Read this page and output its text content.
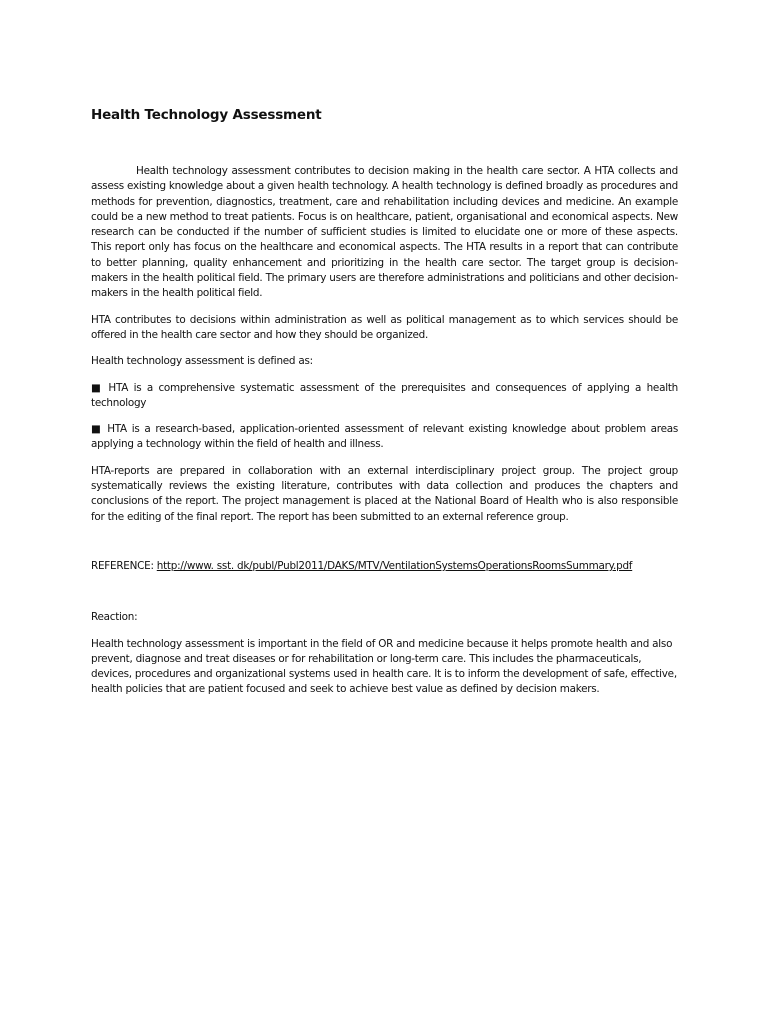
Health Technology Assessment

Health technology assessment contributes to decision making in the health care sector. A HTA collects and assess existing knowledge about a given health technology. A health technology is defined broadly as procedures and methods for prevention, diagnostics, treatment, care and rehabilitation including devices and medicine. An example could be a new method to treat patients. Focus is on healthcare, patient, organisational and economical aspects. New research can be conducted if the number of sufficient studies is limited to elucidate one or more of these aspects. This report only has focus on the healthcare and economical aspects. The HTA results in a report that can contribute to better planning, quality enhancement and prioritizing in the health care sector. The target group is decision-makers in the health political field. The primary users are therefore administrations and politicians and other decision-makers in the health political field.

HTA contributes to decisions within administration as well as political management as to which services should be offered in the health care sector and how they should be organized.

Health technology assessment is defined as:

■ HTA is a comprehensive systematic assessment of the prerequisites and consequences of applying a health technology

■ HTA is a research-based, application-oriented assessment of relevant existing knowledge about problem areas applying a technology within the field of health and illness.

HTA-reports are prepared in collaboration with an external interdisciplinary project group. The project group systematically reviews the existing literature, contributes with data collection and produces the chapters and conclusions of the report. The project management is placed at the National Board of Health who is also responsible for the editing of the final report. The report has been submitted to an external reference group.

REFERENCE: http://www. sst. dk/publ/Publ2011/DAKS/MTV/VentilationSystemsOperationsRoomsSummary.pdf

Reaction:

Health technology assessment is important in the field of OR and medicine because it helps promote health and also prevent, diagnose and treat diseases or for rehabilitation or long-term care. This includes the pharmaceuticals, devices, procedures and organizational systems used in health care. It is to inform the development of safe, effective, health policies that are patient focused and seek to achieve best value as defined by decision makers.
